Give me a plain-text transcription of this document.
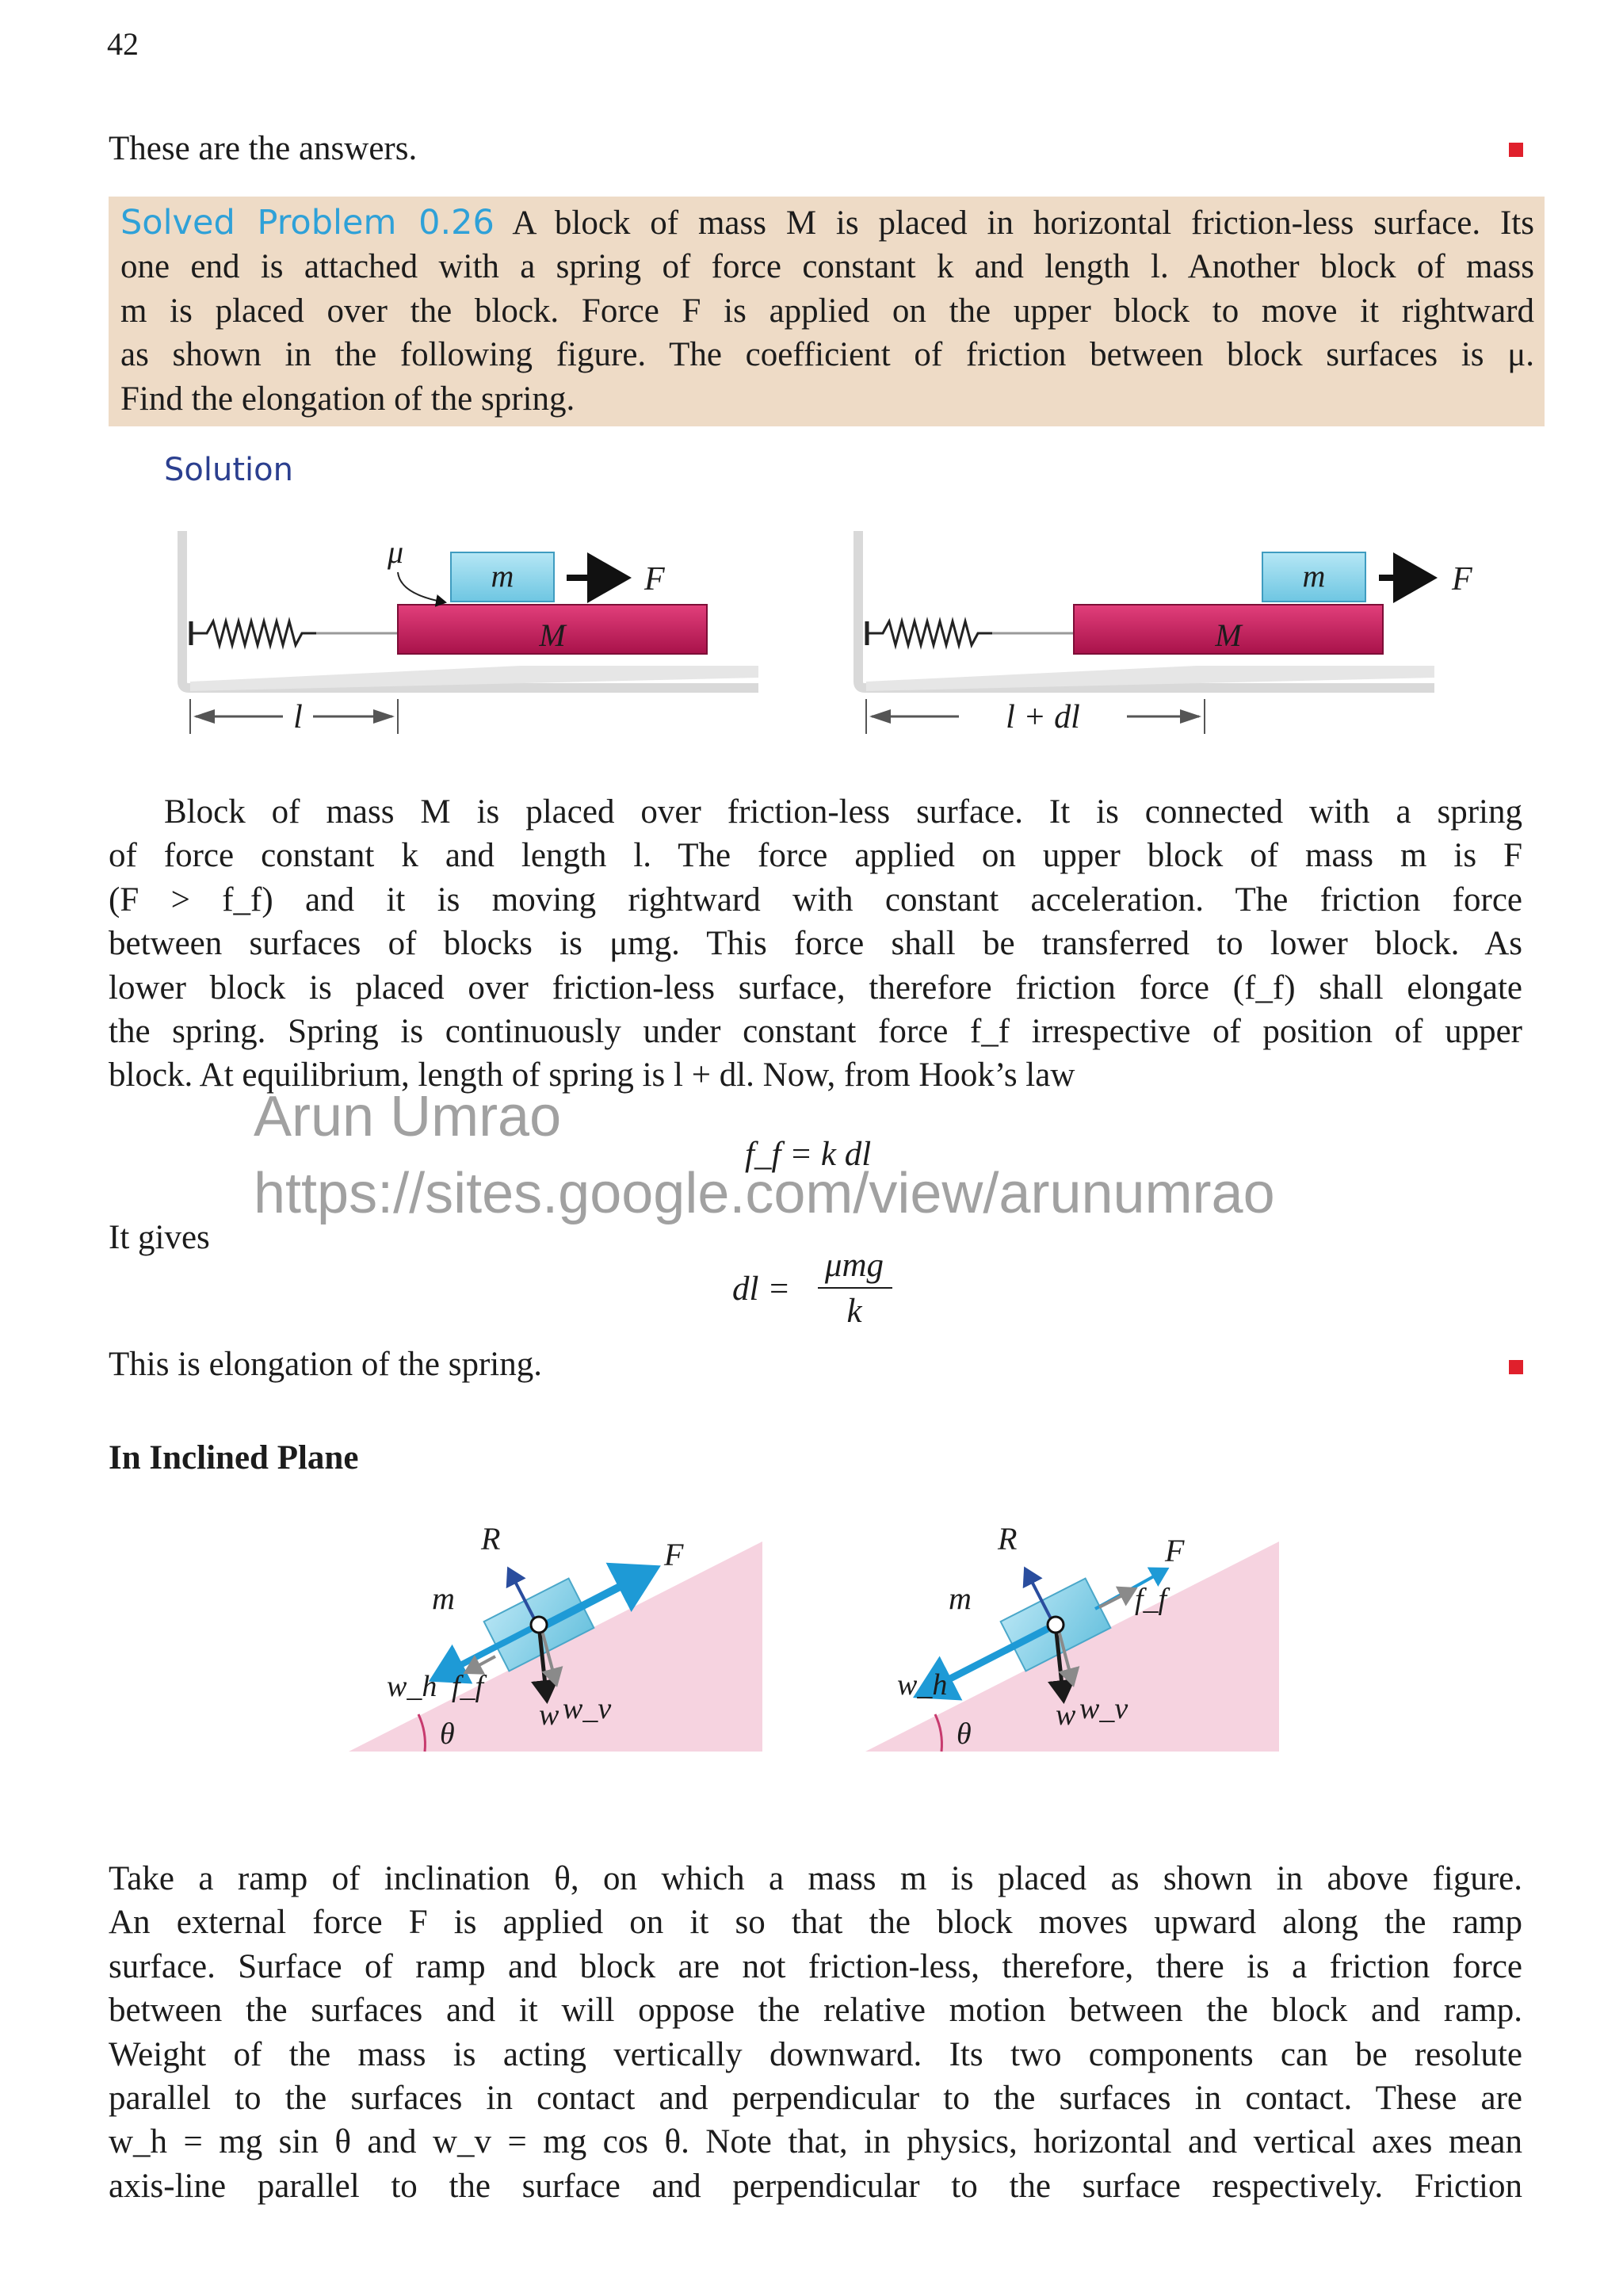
42
These are the answers.
Solved Problem 0.26 A block of mass M is placed in horizontal friction-less surface. Its
one end is attached with a spring of force constant k and length l. Another block of mass
m is placed over the block. Force F is applied on the upper block to move it rightward
as shown in the following figure. The coefficient of friction between block surfaces is μ.
Find the elongation of the spring.
Solution
M
m
μ
F
l
M
m	F
l + dl
Block of mass M is placed over friction-less surface. It is connected with a spring
of force constant k and length l. The force applied on upper block of mass m is F
(F > f_f) and it is moving rightward with constant acceleration. The friction force
between surfaces of blocks is μmg. This force shall be transferred to lower block. As
lower block is placed over friction-less surface, therefore friction force (f_f) shall elongate
the spring. Spring is continuously under constant force f_f irrespective of position of upper
block. At equilibrium, length of spring is l + dl. Now, from Hook’s law
f_f = k dl
Arun Umrao
https://sites.google.com/view/arunumrao
It gives
dl =
μmg
k
This is elongation of the spring.
In Inclined Plane
θ
R	F
m
w_h f_f
w w_v
θ
R	F
m
w_h
f_f
w w_v
Take a ramp of inclination θ, on which a mass m is placed as shown in above figure.
An external force F is applied on it so that the block moves upward along the ramp
surface. Surface of ramp and block are not friction-less, therefore, there is a friction force
between the surfaces and it will oppose the relative motion between the block and ramp.
Weight of the mass is acting vertically downward. Its two components can be resolute
parallel to the surfaces in contact and perpendicular to the surfaces in contact. These are
w_h = mg sin θ and w_v = mg cos θ. Note that, in physics, horizontal and vertical axes mean
axis-line parallel to the surface and perpendicular to the surface respectively. Friction
